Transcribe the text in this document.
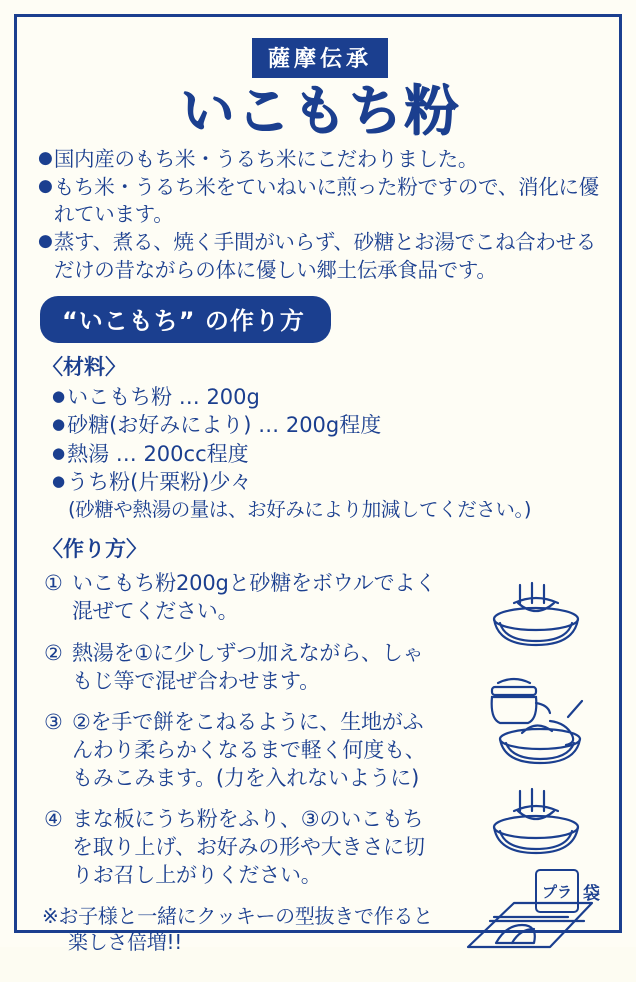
薩摩伝承
いこもち粉
● 国内産のもち米・うるち米にこだわりました。
● もち米・うるち米をていねいに煎った粉ですので、消化に優れています。
● 蒸す、煮る、焼く手間がいらず、砂糖とお湯でこね合わせるだけの昔ながらの体に優しい郷土伝承食品です。
“いこもち” の作り方
〈材料〉
● いこもち粉 … 200g
● 砂糖(お好みにより) … 200g程度
● 熱湯 … 200cc程度
● うち粉(片栗粉)少々
(砂糖や熱湯の量は、お好みにより加減してください。)
〈作り方〉
① いこもち粉200gと砂糖をボウルでよく混ぜてください。
② 熱湯を①に少しずつ加えながら、しゃもじ等で混ぜ合わせます。
③ ②を手で餅をこねるように、生地がふんわり柔らかくなるまで軽く何度も、もみこみます。(力を入れないように)
④ まな板にうち粉をふり、③のいこもちを取り上げ、お好みの形や大きさに切りお召し上がりください。
※お子様と一緒にクッキーの型抜きで作ると
楽しさ倍増!!
プラ 袋
